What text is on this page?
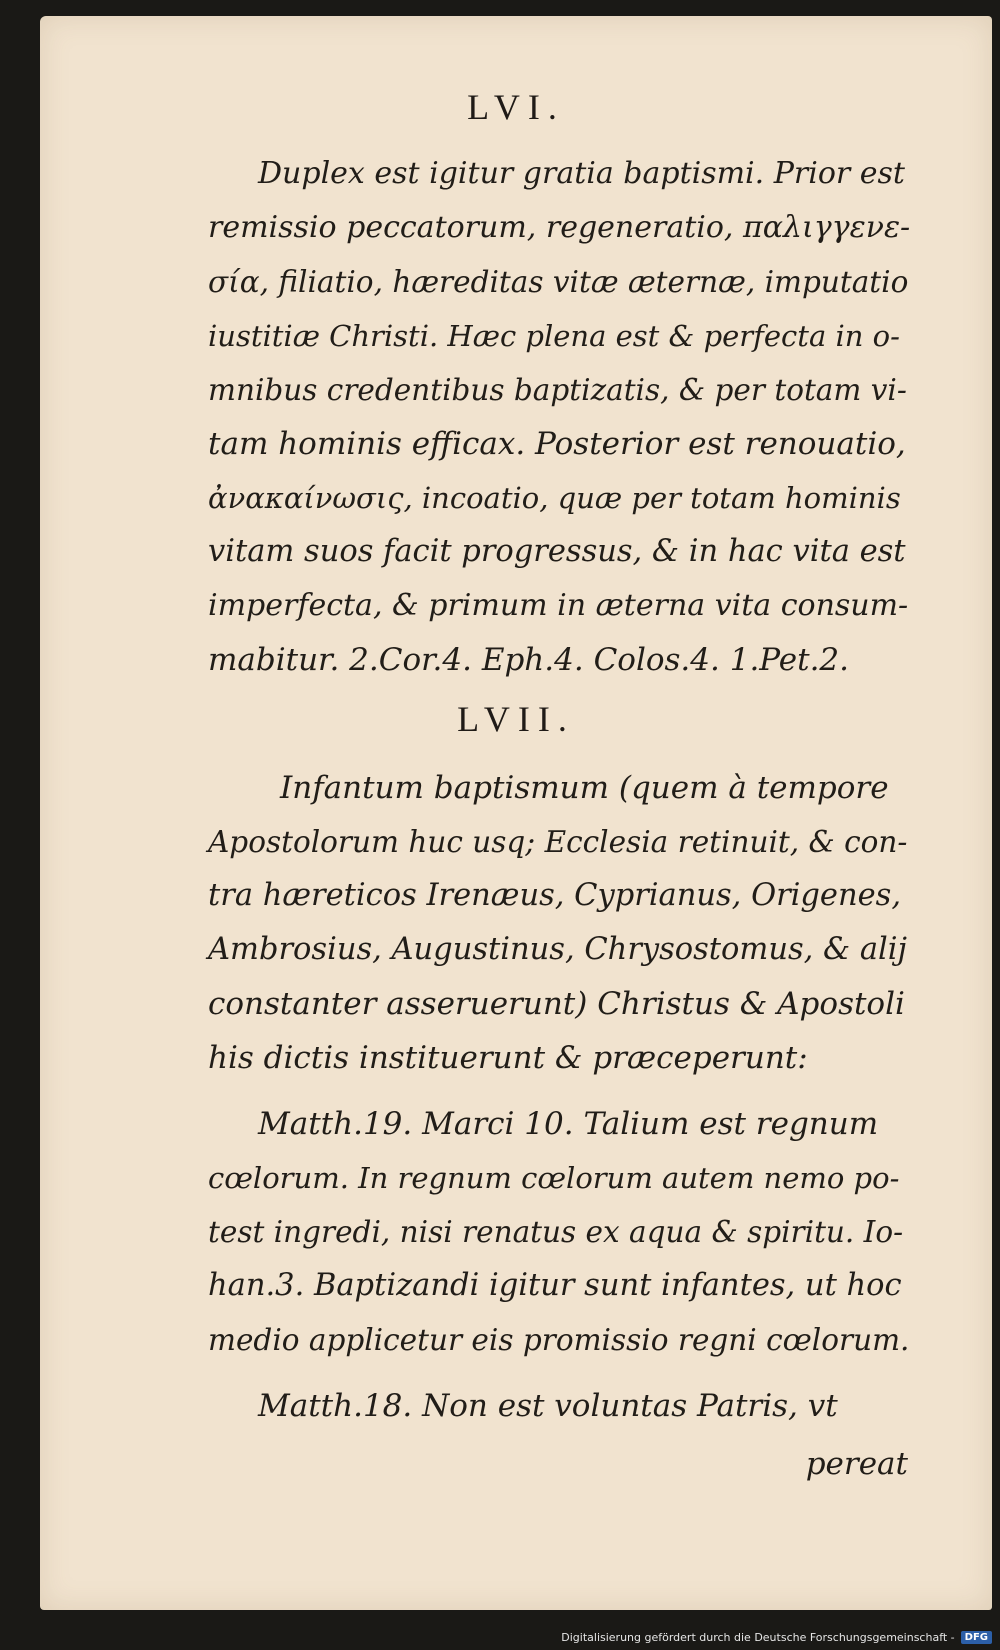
LVI.

Duplex est igitur gratia baptismi. Prior est

remissio peccatorum, regeneratio, παλιγγενε-

σία, filiatio, hæreditas vitæ æternæ, imputatio

iustitiæ Christi. Hæc plena est & perfecta in o-

mnibus credentibus baptizatis, & per totam vi-

tam hominis efficax. Posterior est renouatio,

ἀνακαίνωσις, incoatio, quæ per totam hominis

vitam suos facit progressus, & in hac vita est

imperfecta, & primum in æterna vita consum-

mabitur. 2.Cor.4. Eph.4. Colos.4. 1.Pet.2.

LVII.

Infantum baptismum (quem à tempore

Apostolorum huc usq; Ecclesia retinuit, & con-

tra hæreticos Irenæus, Cyprianus, Origenes,

Ambrosius, Augustinus, Chrysostomus, & alij

constanter asseruerunt) Christus & Apostoli

his dictis instituerunt & præceperunt:

Matth.19. Marci 10. Talium est regnum

cœlorum. In regnum cœlorum autem nemo po-

test ingredi, nisi renatus ex aqua & spiritu. Io-

han.3. Baptizandi igitur sunt infantes, ut hoc

medio applicetur eis promissio regni cœlorum.

Matth.18. Non est voluntas Patris, vt

pereat

Digitalisierung gefördert durch die Deutsche Forschungsgemeinschaft -	DFG
